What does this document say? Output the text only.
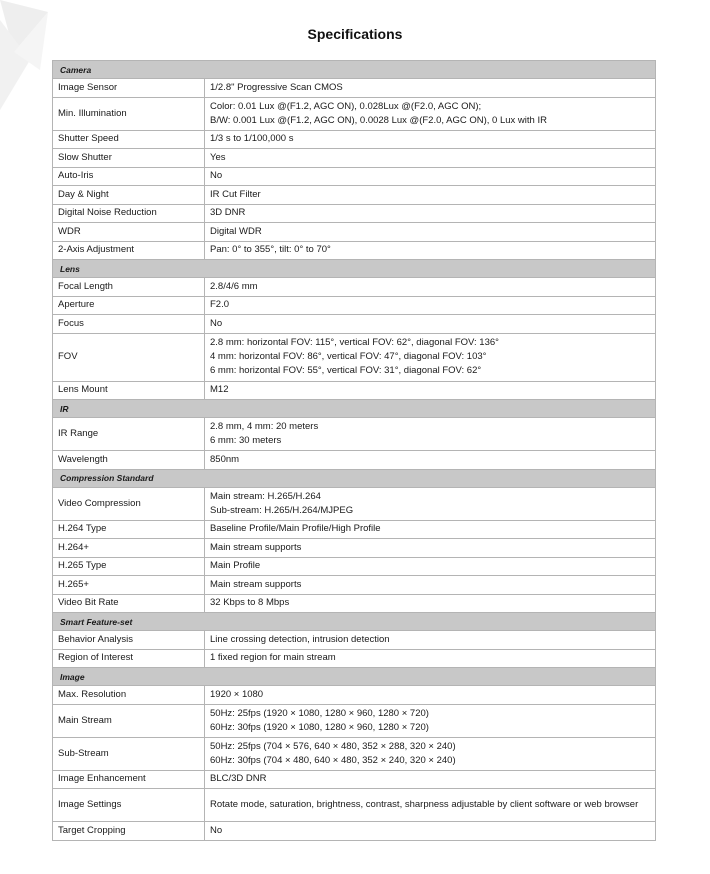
Specifications
Camera	
Image Sensor	1/2.8" Progressive Scan CMOS

Min. Illumination	Color: 0.01 Lux @(F1.2, AGC ON), 0.028Lux @(F2.0, AGC ON);
B/W: 0.001 Lux @(F1.2, AGC ON), 0.0028 Lux @(F2.0, AGC ON), 0 Lux with IR

Shutter Speed	1/3 s to 1/100,000 s

Slow Shutter	Yes

Auto-Iris	No

Day & Night	IR Cut Filter

Digital Noise Reduction	3D DNR

WDR	Digital WDR

2-Axis Adjustment	Pan: 0° to 355°, tilt: 0° to 70°

Lens	
Focal Length	2.8/4/6 mm

Aperture	F2.0

Focus	No

FOV	2.8 mm: horizontal FOV: 115°, vertical FOV: 62°, diagonal FOV: 136°
4 mm: horizontal FOV: 86°, vertical FOV: 47°, diagonal FOV: 103°
6 mm: horizontal FOV: 55°, vertical FOV: 31°, diagonal FOV: 62°

Lens Mount	M12

IR	
IR Range	2.8 mm, 4 mm: 20 meters
6 mm: 30 meters

Wavelength	850nm

Compression Standard	
Video Compression	Main stream: H.265/H.264
Sub-stream: H.265/H.264/MJPEG

H.264 Type	Baseline Profile/Main Profile/High Profile

H.264+	Main stream supports

H.265 Type	Main Profile

H.265+	Main stream supports

Video Bit Rate	32 Kbps to 8 Mbps

Smart Feature-set	
Behavior Analysis	Line crossing detection, intrusion detection

Region of Interest	1 fixed region for main stream

Image	
Max. Resolution	1920 × 1080

Main Stream	50Hz: 25fps (1920 × 1080, 1280 × 960, 1280 × 720)
60Hz: 30fps (1920 × 1080, 1280 × 960, 1280 × 720)

Sub-Stream	50Hz: 25fps (704 × 576, 640 × 480, 352 × 288, 320 × 240)
60Hz: 30fps (704 × 480, 640 × 480, 352 × 240, 320 × 240)

Image Enhancement	BLC/3D DNR

Image Settings	Rotate mode, saturation, brightness, contrast, sharpness adjustable by client software or web browser

Target Cropping	No
